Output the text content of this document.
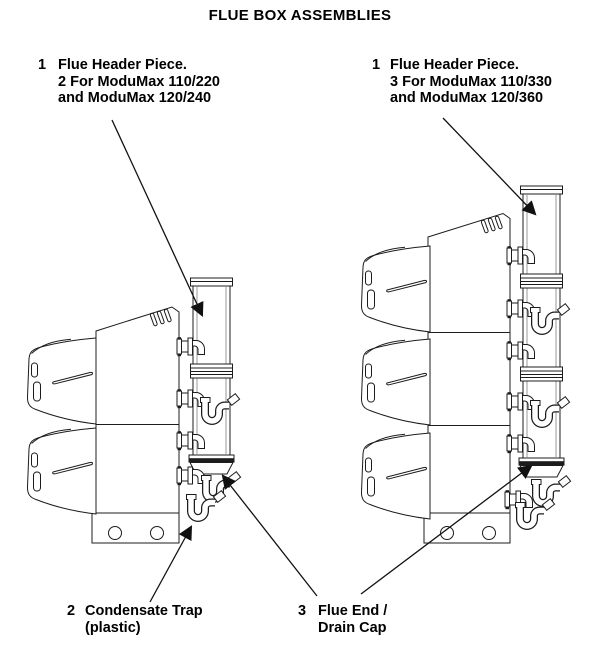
FLUE BOX ASSEMBLIES
1 Flue Header Piece.
2 For ModuMax 110/220
and ModuMax 120/240
1 Flue Header Piece.
3 For ModuMax 110/330
and ModuMax 120/360
2 Condensate Trap
(plastic)
3 Flue End /
Drain Cap
